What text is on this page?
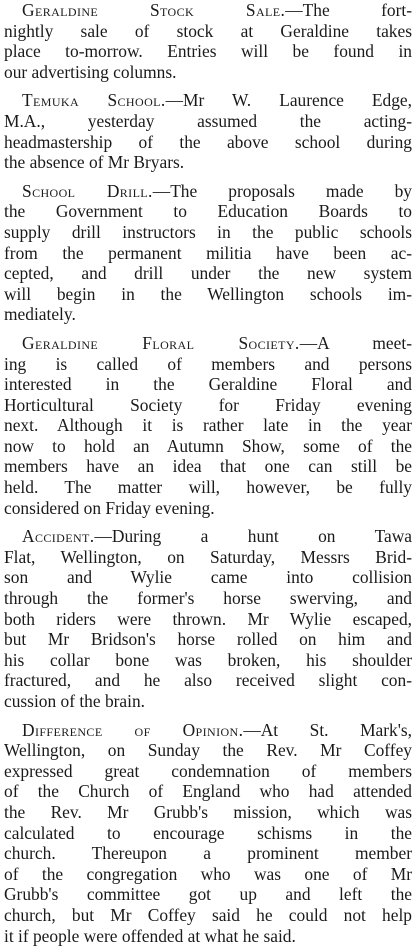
Geraldine Stock Sale.—The fort-
nightly sale of stock at Geraldine takes
place to-morrow. Entries will be found in
our advertising columns.
Temuka School.—Mr W. Laurence Edge,
M.A., yesterday assumed the acting-
headmastership of the above school during
the absence of Mr Bryars.
School Drill.—The proposals made by
the Government to Education Boards to
supply drill instructors in the public schools
from the permanent militia have been ac-
cepted, and drill under the new system
will begin in the Wellington schools im-
mediately.
Geraldine Floral Society.—A meet-
ing is called of members and persons
interested in the Geraldine Floral and
Horticultural Society for Friday evening
next. Although it is rather late in the year
now to hold an Autumn Show, some of the
members have an idea that one can still be
held. The matter will, however, be fully
considered on Friday evening.
Accident.—During a hunt on Tawa
Flat, Wellington, on Saturday, Messrs Brid-
son and Wylie came into collision
through the former's horse swerving, and
both riders were thrown. Mr Wylie escaped,
but Mr Bridson's horse rolled on him and
his collar bone was broken, his shoulder
fractured, and he also received slight con-
cussion of the brain.
Difference of Opinion.—At St. Mark's,
Wellington, on Sunday the Rev. Mr Coffey
expressed great condemnation of members
of the Church of England who had attended
the Rev. Mr Grubb's mission, which was
calculated to encourage schisms in the
church. Thereupon a prominent member
of the congregation who was one of Mr
Grubb's committee got up and left the
church, but Mr Coffey said he could not help
it if people were offended at what he said.
